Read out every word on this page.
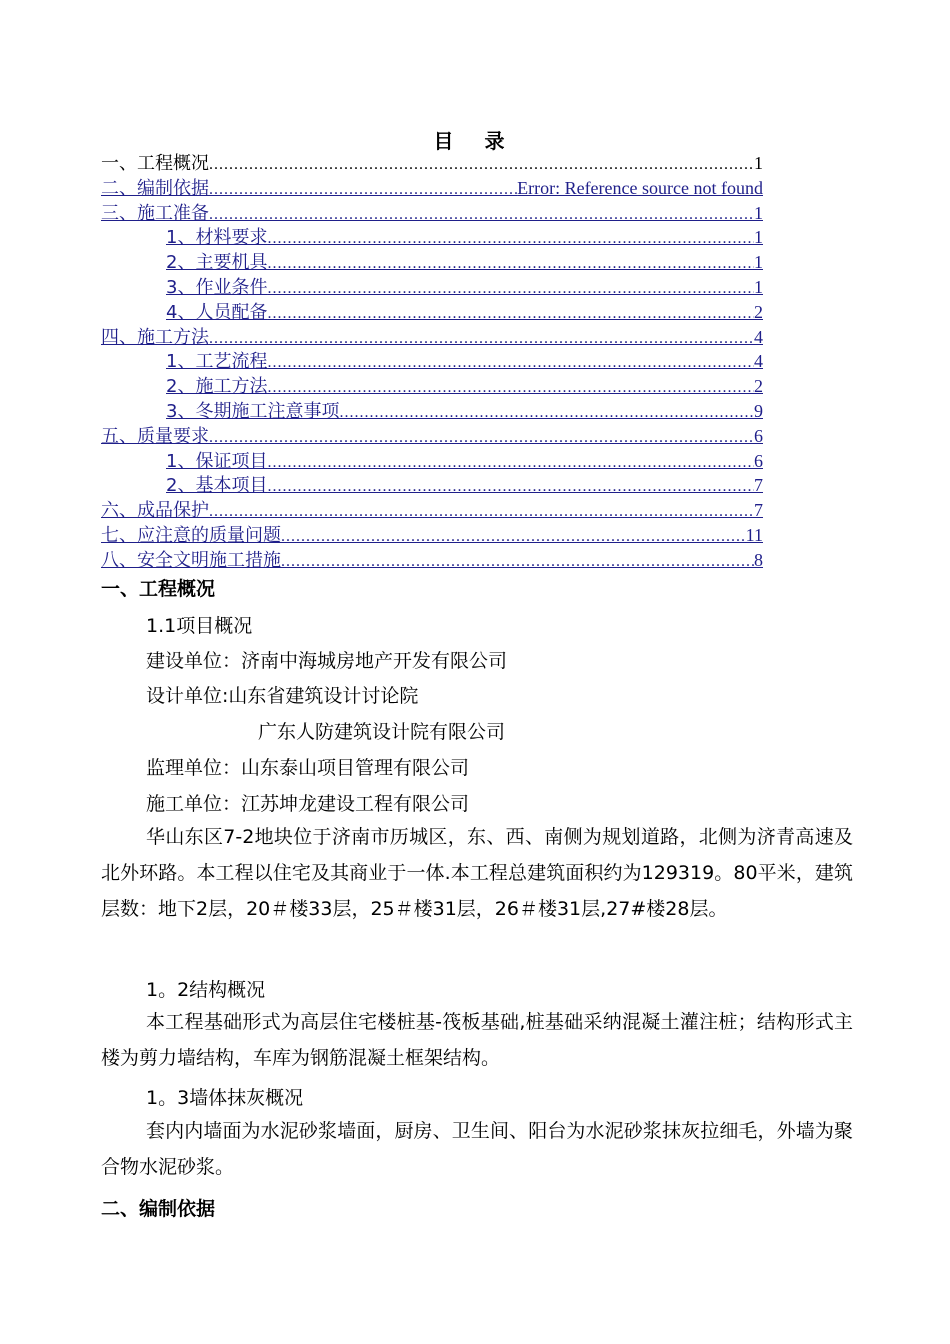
目 录
一、工程概况 .....	1
二、编制依据 .....	Error: Reference source not found
三、施工准备 .....	1
1、材料要求 .....	1
2、主要机具 .....	1
3、作业条件 .....	1
4、人员配备 .....	2
四、施工方法 .....	4
1、工艺流程 .....	4
2、施工方法 .....	2
3、冬期施工注意事项 .....	9
五、质量要求 .....	6
1、保证项目 .....	6
2、基本项目 .....	7
六、成品保护 .....	7
七、应注意的质量问题 .....	11
八、安全文明施工措施 .....	8
一、工程概况
1.1项目概况
建设单位：济南中海城房地产开发有限公司
设计单位:山东省建筑设计讨论院
广东人防建筑设计院有限公司
监理单位：山东泰山项目管理有限公司
施工单位：江苏坤龙建设工程有限公司

华山东区7-2地块位于济南市历城区，东、西、南侧为规划道路，北侧为济青高速及北外环路。本工程以住宅及其商业于一体.本工程总建筑面积约为129319。80平米，建筑层数：地下2层，20＃楼33层，25＃楼31层，26＃楼31层,27#楼28层。

1。2结构概况

本工程基础形式为高层住宅楼桩基-筏板基础,桩基础采纳混凝土灌注桩；结构形式主楼为剪力墙结构，车库为钢筋混凝土框架结构。

1。3墙体抹灰概况

套内内墙面为水泥砂浆墙面，厨房、卫生间、阳台为水泥砂浆抹灰拉细毛，外墙为聚合物水泥砂浆。

二、编制依据
